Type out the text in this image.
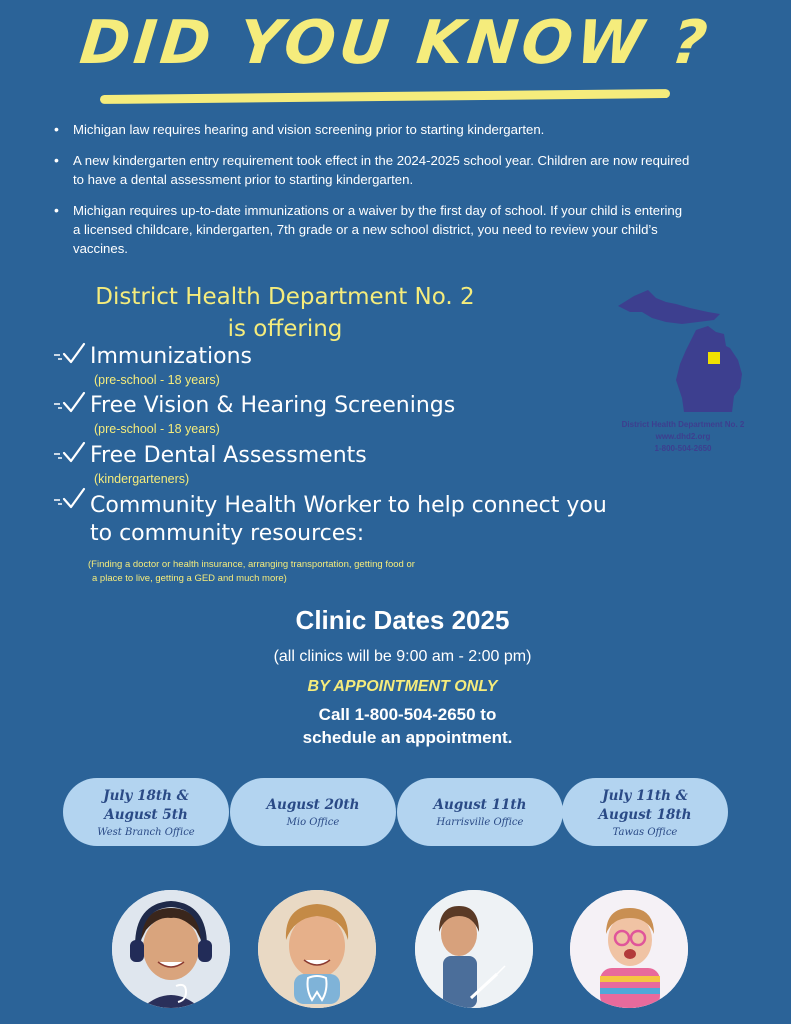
DID YOU KNOW ?
• Michigan law requires hearing and vision screening prior to starting kindergarten.
• A new kindergarten entry requirement took effect in the 2024-2025 school year. Children are now required to have a dental assessment prior to starting kindergarten.
• Michigan requires up-to-date immunizations or a waiver by the first day of school. If your child is entering a licensed childcare, kindergarten, 7th grade or a new school district, you need to review your child’s vaccines.
District Health Department No. 2
is offering
Immunizations
(pre-school - 18 years)
Free Vision & Hearing Screenings
(pre-school - 18 years)
Free Dental Assessments
(kindergarteners)
Community Health Worker to help connect you
to community resources:
(Finding a doctor or health insurance, arranging transportation, getting food or
a place to live, getting a GED and much more)
District Health Department No. 2
www.dhd2.org
1-800-504-2650
Clinic Dates 2025
(all clinics will be 9:00 am - 2:00 pm)
BY APPOINTMENT ONLY
Call 1-800-504-2650 to
schedule an appointment.
July 18th &
August 5th
West Branch Office
August 20th
Mio Office
August 11th
Harrisville Office
July 11th &
August 18th
Tawas Office
